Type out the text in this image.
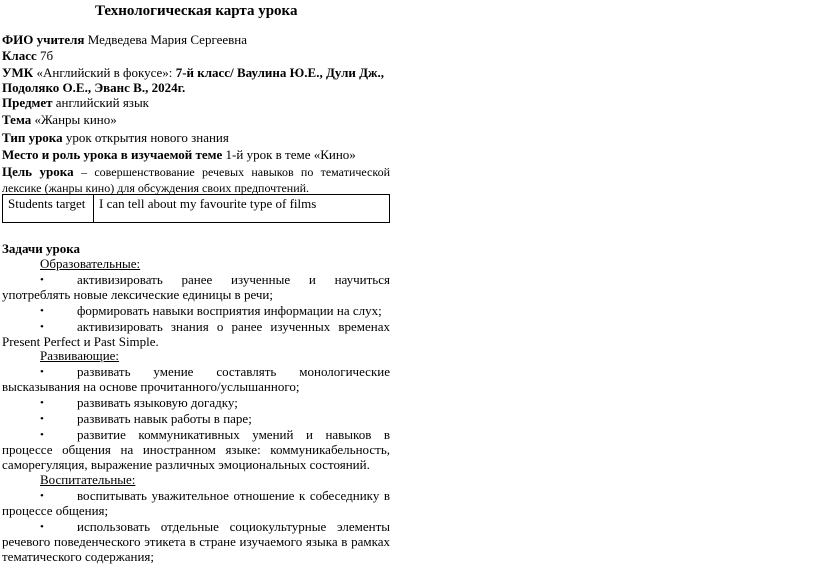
Технологическая карта урока
ФИО учителя Медведева Мария Сергеевна
Класс 7б
УМК «Английский в фокусе»: 7-й класс/ Ваулина Ю.Е., Дули Дж.,
Подоляко О.Е., Эванс В., 2024г.
Предмет английский язык
Тема «Жанры кино»
Тип урока урок открытия нового знания
Место и роль урока в изучаемой теме 1-й урок в теме «Кино»
Цель урока – совершенствование речевых навыков по тематической
лексике (жанры кино) для обсуждения своих предпочтений.
Students target	I can tell about my favourite type of films
Задачи урока
Образовательные:
•	активизировать ранее изученные и научиться
употреблять новые лексические единицы в речи;
•	формировать навыки восприятия информации на слух;
•	активизировать знания о ранее изученных временах
Present Perfect и Past Simple.
Развивающие:
•	развивать умение составлять монологические
высказывания на основе прочитанного/услышанного;
•	развивать языковую догадку;
•	развивать навык работы в паре;
•	развитие коммуникативных умений и навыков в
процессе общения на иностранном языке: коммуникабельность,
саморегуляция, выражение различных эмоциональных состояний.
Воспитательные:
•	воспитывать уважительное отношение к собеседнику в
процессе общения;
•	использовать отдельные социокультурные элементы
речевого поведенческого этикета в стране изучаемого языка в рамках
тематического содержания;
